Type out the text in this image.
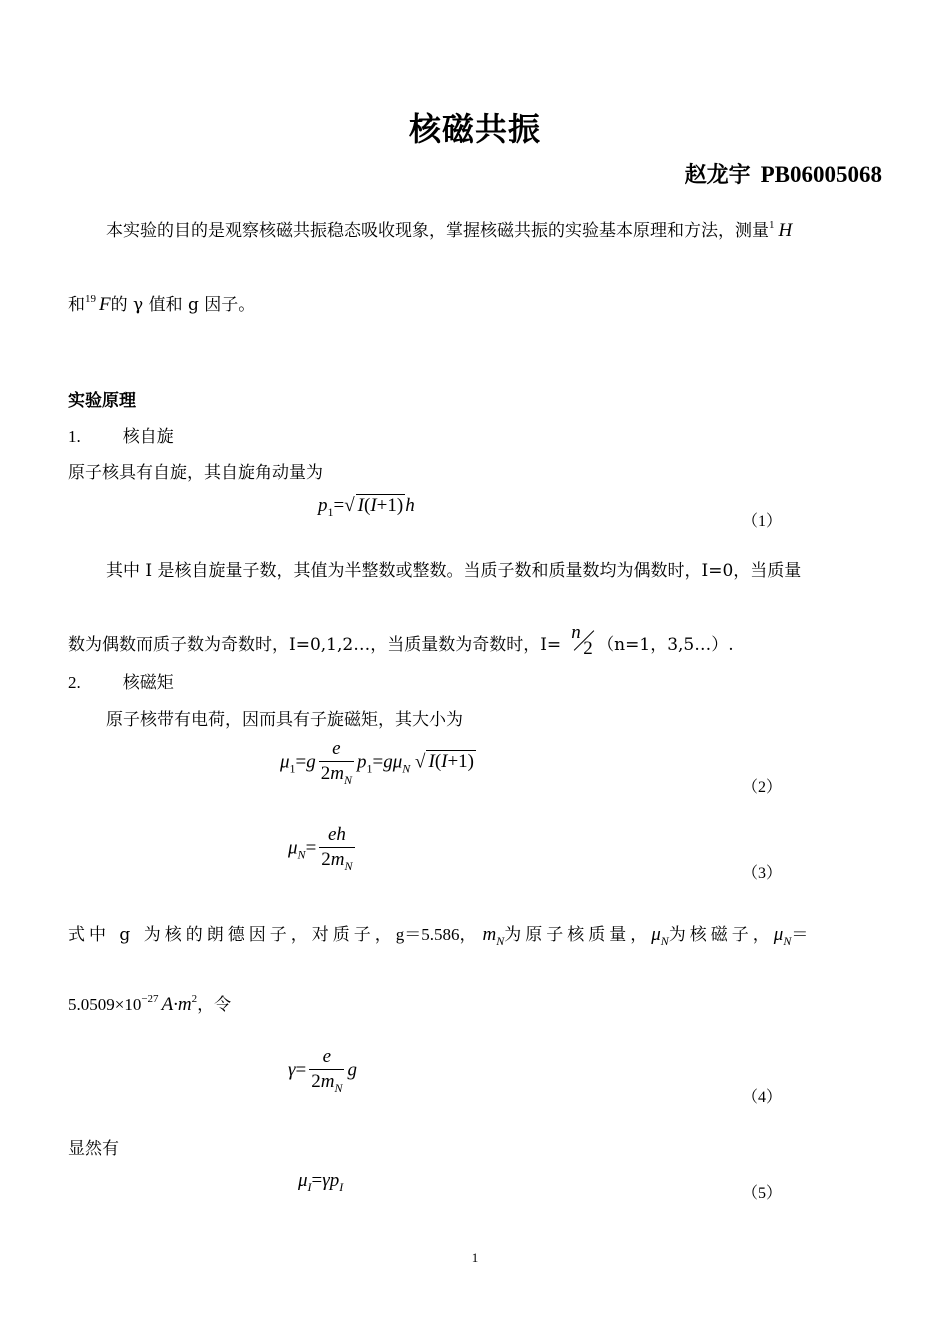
核磁共振
赵龙宇 PB06005068
本实验的目的是观察核磁共振稳态吸收现象，掌握核磁共振的实验基本原理和方法，测量$^1$ H
和$^{19}$ F的 γ 值和 g 因子。
实验原理
1. 核自旋
原子核具有自旋，其自旋角动量为
$p_1=√$ I(I+1) h
（1）
其中 I 是核自旋量子数，其值为半整数或整数。当质子数和质量数均为偶数时，I=0，当质量
数为偶数而质子数为奇数时，I=0,1,2…，当质量数为奇数时，I=
n
2 （n=1，3,5…）.
2. 核磁矩
原子核带有电荷，因而具有子旋磁矩，其大小为
$\mu_1=g \frac{e}{2m_N} p_1=g\mu_N$ √ I(I+1)
（2）
$\mu_N= \frac{eh}{2m_N}$	（3）
式中 g 为核的朗德因子，对质子，g＝5.586， $m_N$为原子核质量，$\mu_N$为核磁子，$\mu_N=$
$5.0509\times 10^{-27}$ $A\cdot m^2$，令
$\gamma= \frac{e}{2m_N}$ g
（4）
显然有
$\mu_I=\gamma p_I$	（5）
1
